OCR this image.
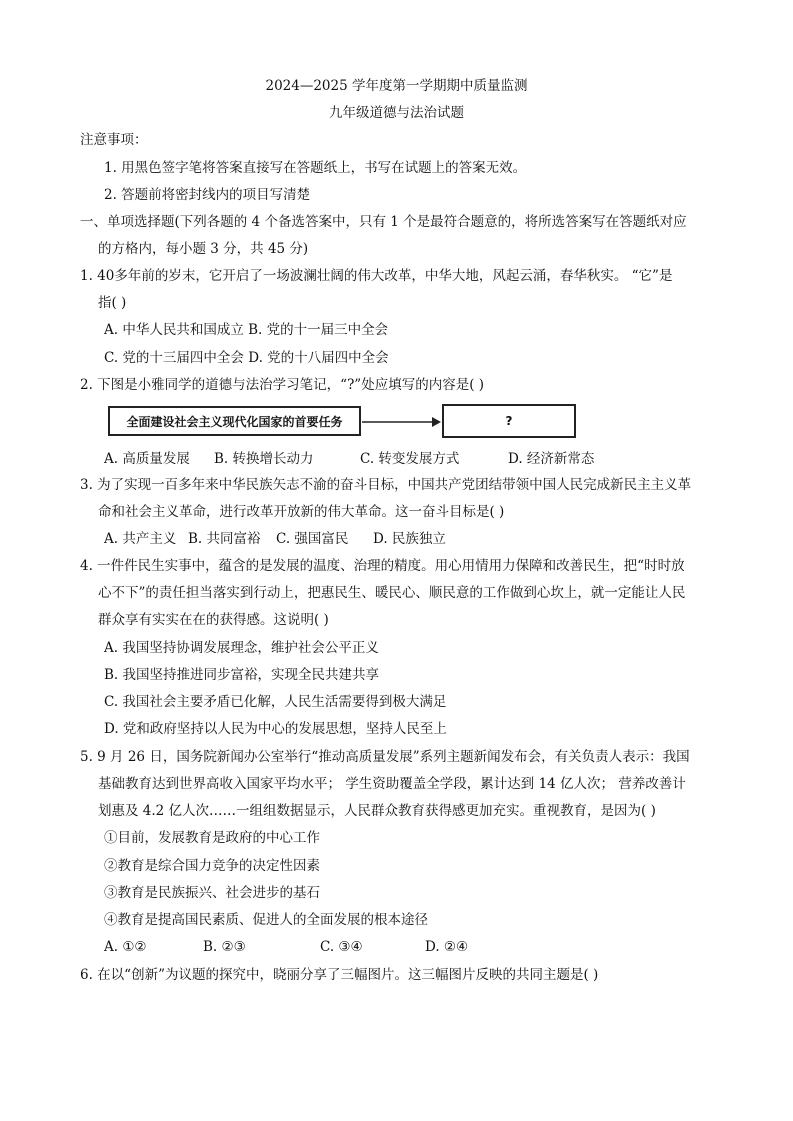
2024—2025 学年度第一学期期中质量监测
九年级道德与法治试题
注意事项：
1. 用黑色签字笔将答案直接写在答题纸上，书写在试题上的答案无效。
2. 答题前将密封线内的项目写清楚
一、单项选择题(下列各题的 4 个备选答案中，只有 1 个是最符合题意的，将所选答案写在答题纸对应
的方格内，每小题 3 分，共 45 分)
1. 40多年前的岁末，它开启了一场波澜壮阔的伟大改革，中华大地，风起云涌，春华秋实。 “它”是
指( )
A. 中华人民共和国成立 B. 党的十一届三中全会
C. 党的十三届四中全会 D. 党的十八届四中全会
2. 下图是小雅同学的道德与法治学习笔记，“?”处应填写的内容是( )
全面建设社会主义现代化国家的首要任务	?
A. 高质量发展 B. 转换增长动力	C. 转变发展方式	D. 经济新常态
3. 为了实现一百多年来中华民族矢志不渝的奋斗目标，中国共产党团结带领中国人民完成新民主主义革
命和社会主义革命，进行改革开放新的伟大革命。这一奋斗目标是( )
A. 共产主义 B. 共同富裕 C. 强国富民 D. 民族独立
4. 一件件民生实事中，蕴含的是发展的温度、治理的精度。用心用情用力保障和改善民生，把“时时放
心不下”的责任担当落实到行动上，把惠民生、暖民心、顺民意的工作做到心坎上，就一定能让人民
群众享有实实在在的获得感。这说明( )
A. 我国坚持协调发展理念，维护社会公平正义
B. 我国坚持推进同步富裕，实现全民共建共享
C. 我国社会主要矛盾已化解，人民生活需要得到极大满足
D. 党和政府坚持以人民为中心的发展思想，坚持人民至上
5. 9 月 26 日，国务院新闻办公室举行“推动高质量发展”系列主题新闻发布会，有关负责人表示：我国
基础教育达到世界高收入国家平均水平； 学生资助覆盖全学段，累计达到 14 亿人次； 营养改善计
划惠及 4.2 亿人次……一组组数据显示，人民群众教育获得感更加充实。重视教育，是因为( )
①目前，发展教育是政府的中心工作
②教育是综合国力竞争的决定性因素
③教育是民族振兴、社会进步的基石
④教育是提高国民素质、促进人的全面发展的根本途径
A. ①②	B. ②③	C. ③④	D. ②④
6. 在以“创新”为议题的探究中，晓丽分享了三幅图片。这三幅图片反映的共同主题是( )
